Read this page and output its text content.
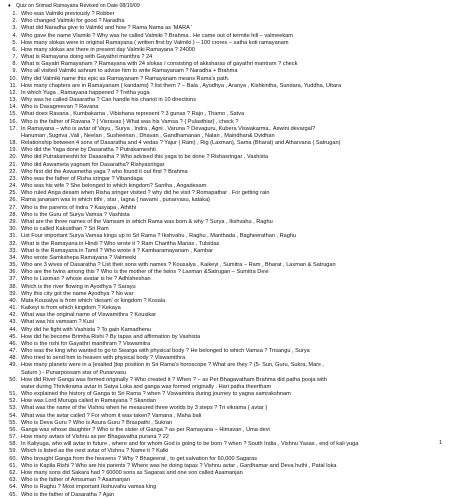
♦ Quiz on Srimad Ramayana Revised on Date 08/10/09
1. Who was Valmiki previously ? Robber
2. Who changed Valmiki for good ? Naradha
3. What did Naradha give to Valmiki and how ? Rama Nama as 'MARA '
4. Who gave the name Vlamiki ? Why was he called Valmiki ? Brahma . He came out of termite hill – valmeekam
5. How many slokas were in original Ramayana ( written first by Valmiki ) – 100 crores – satha koti ramayanam
6. How many slokas are there in present day Valmiki Ramayana ? 24000
7. What is Ramayana doing with Gayathri manthra ? 24
8. What is Gayatri Ramayanam ? Ramayana with 24 slokas / consisting of akksharas of gayathri mantram ? check
9. Who all visited Valmiki ashram to advise him to write Ramayanam ? Naradha + Brahma
10. Why did Valmiki name this epic as Ramayanam ? Ramayanam means Rama's path.
11. How many chapters are in Ramayanam { kandams} ? list them 7 – Bala , Ayodhya , Aranya , Kishkintha, Sundara, Yuddha, Uttara
12. In which Yuga , Ramayana happened ? Tretha yuga
13. Why was he called Dasaratha ? Can handle his chariot in 10 directions
14. Who is Dasagreevan ? Ravana
15. What does Ravana , Kumbakarna , Vibishana represent ? 3 gunas ? Rajo , Thamo , Satva
16. Who is the father of Ravana ? { Visravas } What was his Vamsa ? { Pulasthiar} , check ?
17. In Ramayana – who is avtar of Vayu , Surya , Indra , Agni , Varuna ? Devaguru, Kubera Viswakarma.. Aswini devargal?
Hanuman ,Sugriva ,Vali , Neelan , Susheenan , Dhavan , Gandhamanan , Nalan , Maindhan& Dvidhan
18. Relationship between 4 sons of Dasaratha and 4 vedas ? Yajur ( Ram) , Rig (Laxman), Sama (Bharat) and Atharvana ( Satrugan)
19. Who did the Yaga done by Dasaratha ? Putrakameshti
20. Who did Putrakameshti for Dasaratha ? Who advised this yaga to be done ? Rishasringar , Vashista
21. Who did Aswameta yagnam for Dasaratha? Rishyasringar
22. Who first did the Aswametha yaga ? who found it out first ? Brahma
23. Who was the father of Risha sringar ? Vibandaga
24. Who was his wife ? She belonged to which kingdom? Santha , Angadesam
25. Who ruled Anga desam when Risha sringer visited ? why did he visit ? Romapathar . For getting rain
26. Rama jananam was in which tithi , star , lagna { navami , punarvasu, kataka}
27. Who is the parents of Indra ? Kasyapa , Athithi
28. Who is the Guru of Surya Vamsa ? Vashista
29. What are the three names of the Vamsam in which Rama was born & why ? Surya , Ikshvahu , Raghu
30. Who is called Kakusthan ? Sri Ram
31. List Four important Surya Vamsa kings up to Sri Rama ? Ikshvahu , Raghu , Manthada , Bagheerathan , Raghu
32. What is the Ramayana in Hindi ? Who wrote it ? Ram Charitha Manas , Tulsidas
33. What is the Ramayana in Tamil ? Who wrote it ? Kambaramayanam , Kambar
34. Who wrote Samkshepa Ramayana ? Valmeeki
35. Who are 3 wives of Dasaratha ? List their sons with names ? Kousalya , Kaikeyi , Sumitra – Ram , Bharat , Laxman & Satrugan
36. Who are the twins among this ? Who is the mother of the twins ? Laxman &Satrugan – Sumitra Devi
37. Who is Laxman ? whose avatar is he ? Adhisheshan
38. Which is the river flowing in Ayodhya ? Sarayu
39. Why this city got the name Ayodhya ? No war
40. Mata Kousalya is from which 'desam' or kingdom ? Kosala
41. Kaikeyi is from which kingdom ? Kekaya
42. What was the original name of Viswamithra ? Kousikar
43. What was his vamsam ? Kusi
44. Why did he fight with Vashista ? To gain Kamadhenu
45. How did he become Brimha Rishi ? By tapas and affirmation by Vashista
46. Who is the rishi for Gayathri manthram ? Viswamitra
47. Who was the king who wanted to go to Swarga with physical body ? He belonged to which Vamsa ? Trisangu , Surya
48. Who tried to send him to heaven with physical body ? Viswamithra
49. How many planets were in a [exalted ]top position in Sri Rama's horoscope ? What are they ? (5- Sun, Guru, Sukra, Mars ,
Saturn ) - Punarpoosam star of Punarvasu
50. How did River Ganga was formed originally ? Who created it ? When ? – as Per Bhagavatham Brahma did patha pooja with
water during Thrivikrama avtar in Satya Loka and ganga was formed originally . Hari patha theertham
51. Who explained the history of Ganga to Sri Rama ? when ? Viswamitra during journey to yagna samrakshnam
52. How was Lord Muruga called in Ramayana ? Skandan
53. What was the name of the Vishnu when he measured three worlds by 3 steps ? Tri vikrama { avtar }
54. What was the avtar called ? For whom it was taken? Vamana , Maha bali
55. Who is Deva Guru ? Who is Asura Guru ? Braspathi , Sukran
56. Ganga was whose daughter ? Who is the sister of Ganga ? as per Ramayana – Himavan , Uma devi
57. How many avtars of Vishnu as per Bhagavatha purana ? 22
58. In Kaliyuga, who will avtar in future , where and for whom God is going to be born ? when ? South India , Vishnu Yasas , end of kali yuga
59. Which is listed as the next avtar of Vishnu ? Name it ? Kalki
60. Who brought Ganga from the heavens ? Why ? Bhageerat , to get salvation for 60,000 Sagaras
61. Who is Kapila Rishi ? Who are his parents ? Where was he doing tapas ? Vishnu avtar , Gardhamar and Deva huthi , Patal loka
62. How many sons did Sakara had ? 60000 sons as Sagaras and one son called Asamanjan
63. Who is the father of Amsuman ? Asamanjan
64. Who is Raghu ? Most important Ikshuvahu vamsa king
65. Who is the father of Dasaratha ? Ajan
1
